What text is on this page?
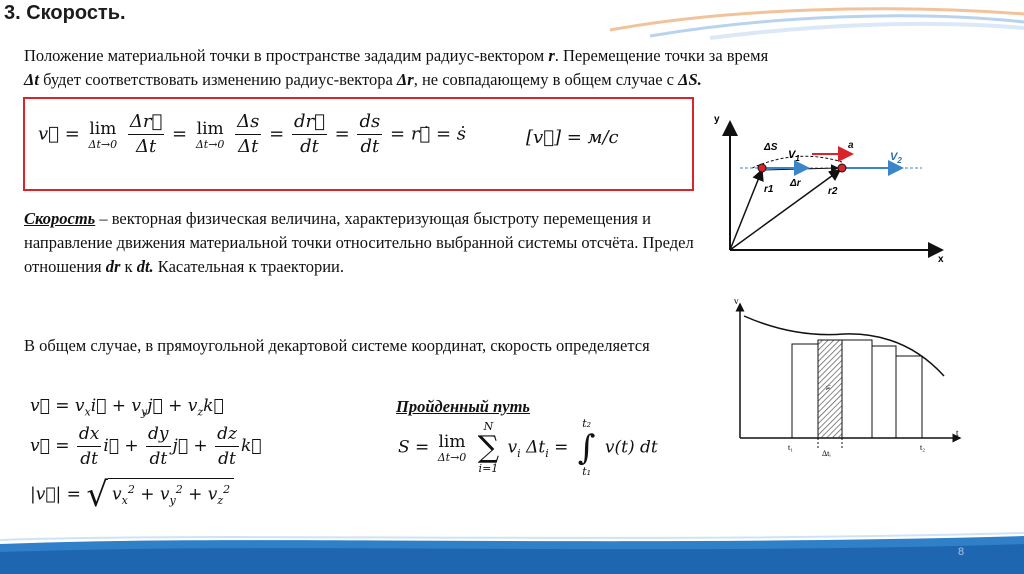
3. Скорость.
Положение материальной точки в пространстве зададим радиус-вектором r. Перемещение точки за время
Δt будет соответствовать изменению радиус-вектора Δr, не совпадающему в общем случае с ΔS.
v⃗ = lim
Δt→0
$\frac{\Delta r⃗}{\Delta t} = \lim$
Δt→0
$\frac{\Delta s}{\Delta t} = \frac{dr⃗}{dt} = \frac{ds}{dt}$ = r⃗̇ = ṡ	[v⃗] = м/с
Скорость – векторная физическая величина, характеризующая быстроту перемещения и направление движения материальной точки относительно выбранной системы отсчёта. Предел отношения dr к dt. Касательная к траектории.
В общем случае, в прямоугольной декартовой системе координат, скорость определяется
v⃗ = $v_xi⃗$ + $v_yj⃗$ + $v_zk⃗$
v⃗ = $\frac{dx}{dt}$ i⃗ + $\frac{dy}{dt}$ j⃗ + $\frac{dz}{dt}$ k⃗
|v⃗| = √ $v_x^2 + v_y^2 + v_z^2$
Пройденный путь
S = lim
Δt→0

N
∑
i=1
$v_i$ $\Delta t_i$ =
t₂
∫
t₁
v(t) dt
y
x
ΔS
$V_1$	$V_2$
a
r1	r2
Δr
v
t
t₁	t₂
Δtᵢ
vᵢ
8
